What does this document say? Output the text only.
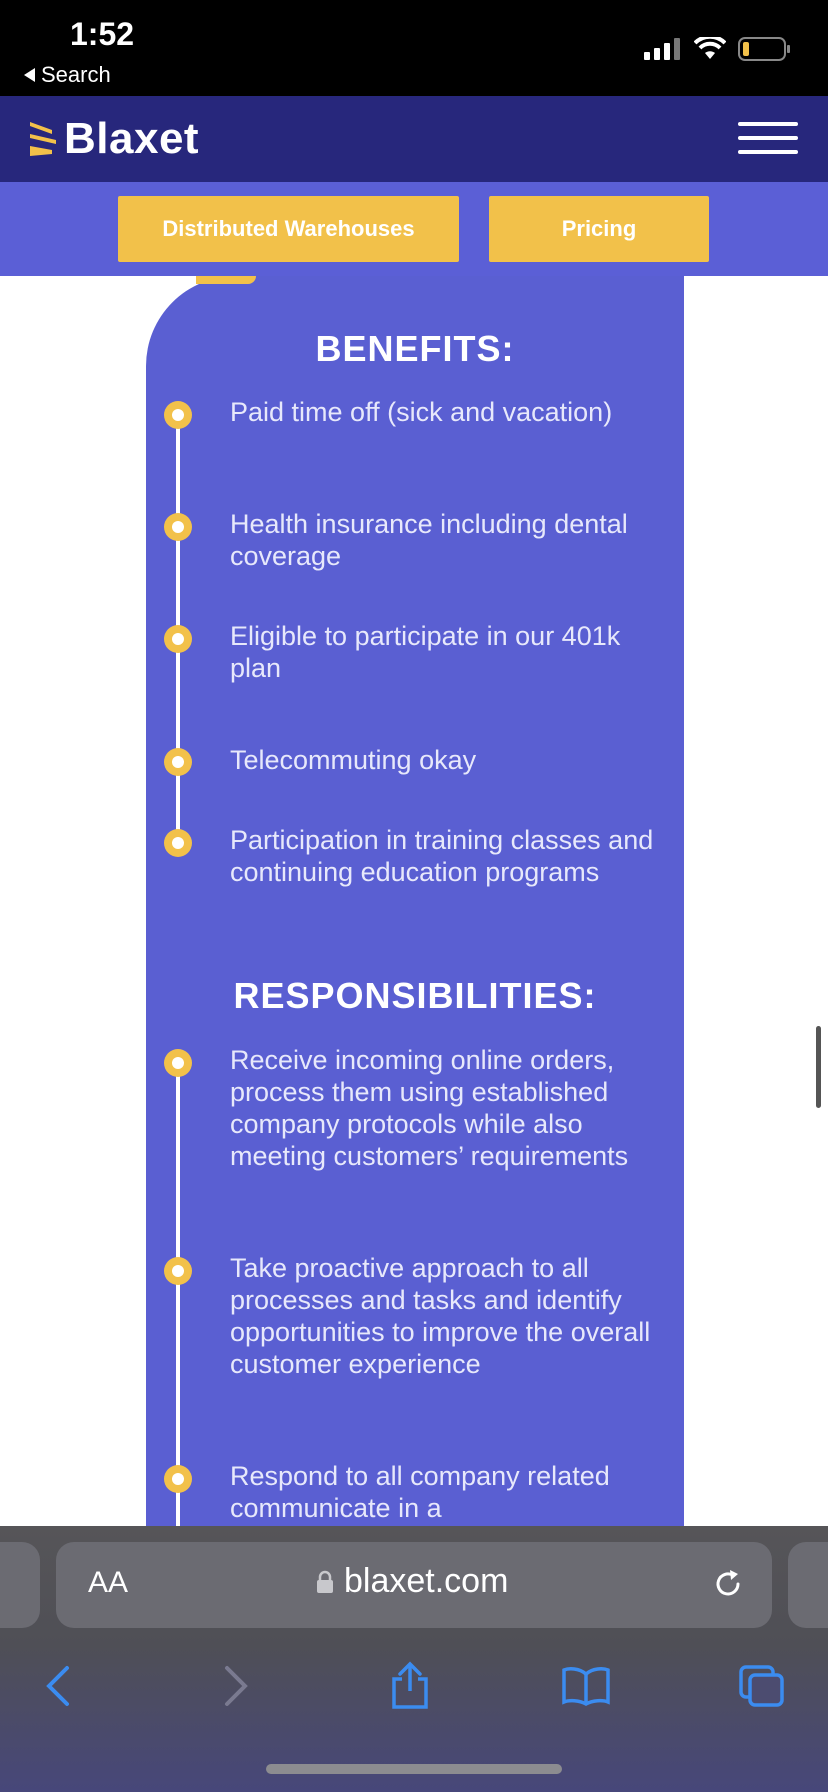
1:52
Search
Blaxet
Distributed Warehouses	Pricing
BENEFITS:
Paid time off (sick and vacation)
Health insurance including dental coverage
Eligible to participate in our 401k plan
Telecommuting okay
Participation in training classes and continuing education programs
RESPONSIBILITIES:
Receive incoming online orders, process them using established company protocols while also meeting customers’ requirements
Take proactive approach to all processes and tasks and identify opportunities to improve the overall customer experience
Respond to all company related communicate in a
AA	blaxet.com
